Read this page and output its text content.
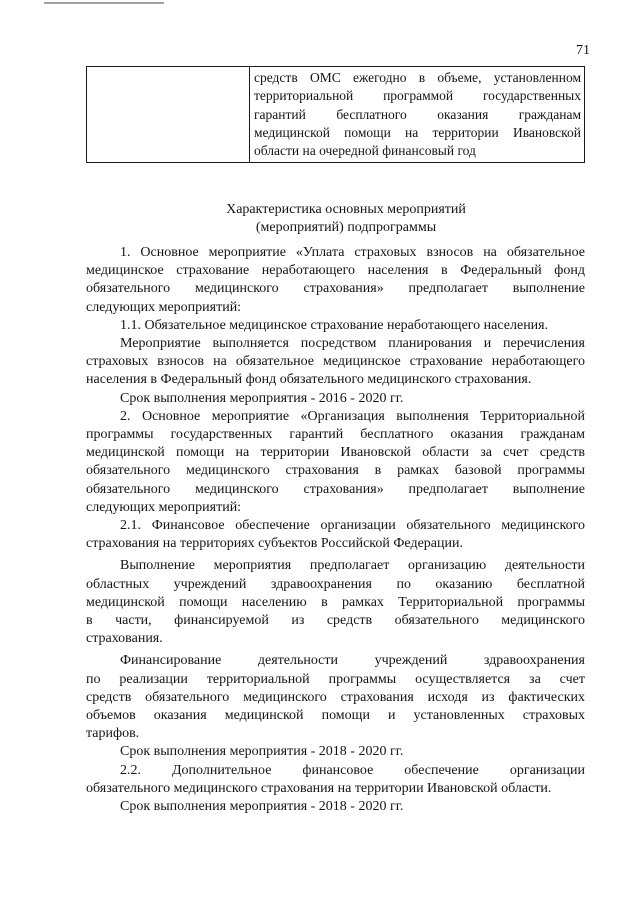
71

средств ОМС ежегодно в объеме, установленном
территориальной программой государственных
гарантий бесплатного оказания гражданам
медицинской помощи на территории Ивановской
области на очередной финансовый год
Характеристика основных мероприятий
(мероприятий) подпрограммы
1. Основное мероприятие «Уплата страховых взносов на обязательное
медицинское страхование неработающего населения в Федеральный фонд
обязательного медицинского страхования» предполагает выполнение
следующих мероприятий:
1.1. Обязательное медицинское страхование неработающего населения.
Мероприятие выполняется посредством планирования и перечисления
страховых взносов на обязательное медицинское страхование неработающего
населения в Федеральный фонд обязательного медицинского страхования.
Срок выполнения мероприятия - 2016 - 2020 гг.
2. Основное мероприятие «Организация выполнения Территориальной
программы государственных гарантий бесплатного оказания гражданам
медицинской помощи на территории Ивановской области за счет средств
обязательного медицинского страхования в рамках базовой программы
обязательного медицинского страхования» предполагает выполнение
следующих мероприятий:
2.1. Финансовое обеспечение организации обязательного медицинского
страхования на территориях субъектов Российской Федерации.
Выполнение мероприятия предполагает организацию деятельности
областных учреждений здравоохранения по оказанию бесплатной
медицинской помощи населению в рамках Территориальной программы
в части, финансируемой из средств обязательного медицинского
страхования.
Финансирование деятельности учреждений здравоохранения
по реализации территориальной программы осуществляется за счет
средств обязательного медицинского страхования исходя из фактических
объемов оказания медицинской помощи и установленных страховых
тарифов.
Срок выполнения мероприятия - 2018 - 2020 гг.
2.2. Дополнительное финансовое обеспечение организации
обязательного медицинского страхования на территории Ивановской области.
Срок выполнения мероприятия - 2018 - 2020 гг.
